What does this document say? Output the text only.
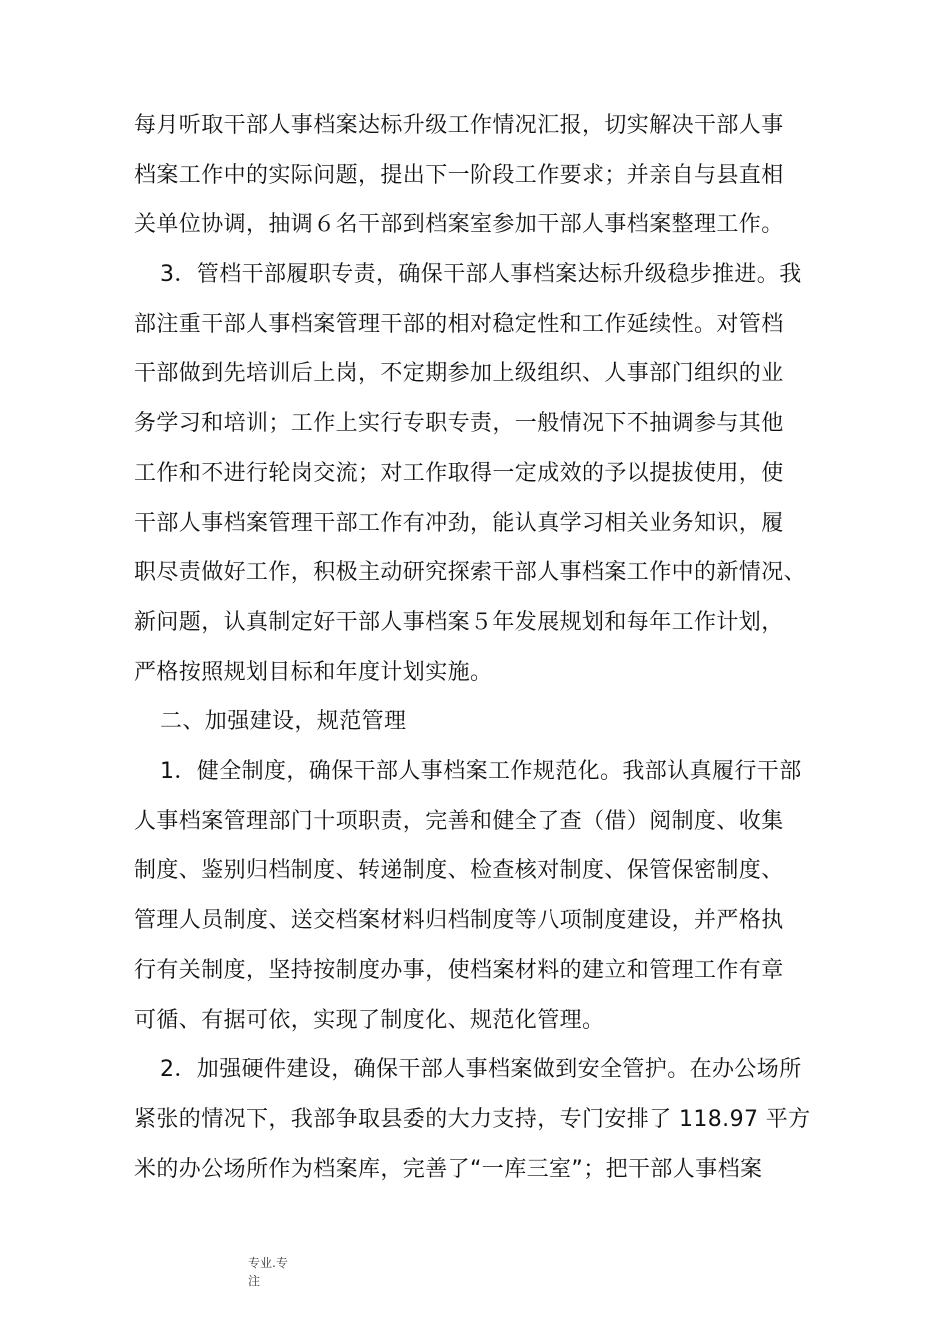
每月听取干部人事档案达标升级工作情况汇报，切实解决干部人事
档案工作中的实际问题，提出下一阶段工作要求；并亲自与县直相
关单位协调，抽调６名干部到档案室参加干部人事档案整理工作。
3．管档干部履职专责，确保干部人事档案达标升级稳步推进。我
部注重干部人事档案管理干部的相对稳定性和工作延续性。对管档
干部做到先培训后上岗，不定期参加上级组织、人事部门组织的业
务学习和培训；工作上实行专职专责，一般情况下不抽调参与其他
工作和不进行轮岗交流；对工作取得一定成效的予以提拔使用，使
干部人事档案管理干部工作有冲劲，能认真学习相关业务知识，履
职尽责做好工作，积极主动研究探索干部人事档案工作中的新情况、
新问题，认真制定好干部人事档案５年发展规划和每年工作计划，
严格按照规划目标和年度计划实施。
二、加强建设，规范管理
1．健全制度，确保干部人事档案工作规范化。我部认真履行干部
人事档案管理部门十项职责，完善和健全了查（借）阅制度、收集
制度、鉴别归档制度、转递制度、检查核对制度、保管保密制度、
管理人员制度、送交档案材料归档制度等八项制度建设，并严格执
行有关制度，坚持按制度办事，使档案材料的建立和管理工作有章
可循、有据可依，实现了制度化、规范化管理。
2．加强硬件建设，确保干部人事档案做到安全管护。在办公场所
紧张的情况下，我部争取县委的大力支持，专门安排了 118.97 平方
米的办公场所作为档案库，完善了“一库三室”；把干部人事档案
专业.专
注
